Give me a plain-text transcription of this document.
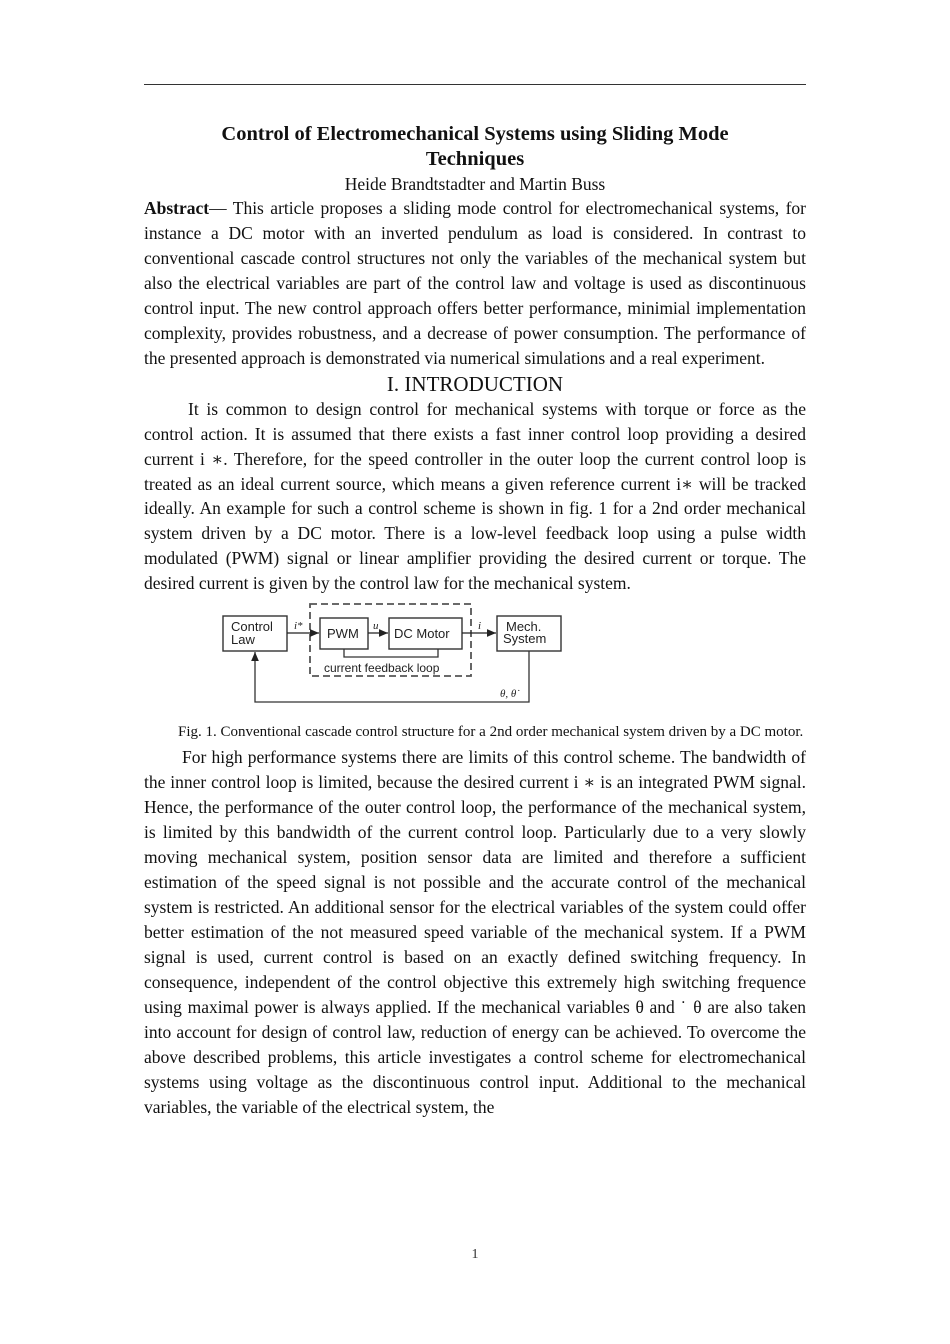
Control of Electromechanical Systems using Sliding Mode
Techniques

Heide Brandtstadter and Martin Buss

Abstract— This article proposes a sliding mode control for electromechanical systems, for instance a DC motor with an inverted pendulum as load is considered. In contrast to conventional cascade control structures not only the variables of the mechanical system but also the electrical variables are part of the control law and voltage is used as discontinuous control input. The new control approach offers better performance, minimial implementation complexity, provides robustness, and a decrease of power consumption. The performance of the presented approach is demonstrated via numerical simulations and a real experiment.

I. INTRODUCTION

It is common to design control for mechanical systems with torque or force as the control action. It is assumed that there exists a fast inner control loop providing a desired current i ∗. Therefore, for the speed controller in the outer loop the current control loop is treated as an ideal current source, which means a given reference current i∗ will be tracked ideally. An example for such a control scheme is shown in fig. 1 for a 2nd order mechanical system driven by a DC motor. There is a low-level feedback loop using a pulse width modulated (PWM) signal or linear amplifier providing the desired current or torque. The desired current is given by the control law for the mechanical system.

Control
Law	PWM	DC Motor	Mech.
System
i*	u	i
current feedback loop
θ, θ̇

Fig. 1. Conventional cascade control structure for a 2nd order mechanical system driven by a DC motor.

For high performance systems there are limits of this control scheme. The bandwidth of the inner control loop is limited, because the desired current i ∗ is an integrated PWM signal. Hence, the performance of the outer control loop, the performance of the mechanical system, is limited by this bandwidth of the current control loop. Particularly due to a very slowly moving mechanical system, position sensor data are limited and therefore a sufficient estimation of the speed signal is not possible and the accurate control of the mechanical system is restricted. An additional sensor for the electrical variables of the system could offer better estimation of the not measured speed variable of the mechanical system. If a PWM signal is used, current control is based on an exactly defined switching frequency. In consequence, independent of the control objective this extremely high switching frequence using maximal power is always applied. If the mechanical variables θ and ˙ θ are also taken into account for design of control law, reduction of energy can be achieved. To overcome the above described problems, this article investigates a control scheme for electromechanical systems using voltage as the discontinuous control input. Additional to the mechanical variables, the variable of the electrical system, the

1
